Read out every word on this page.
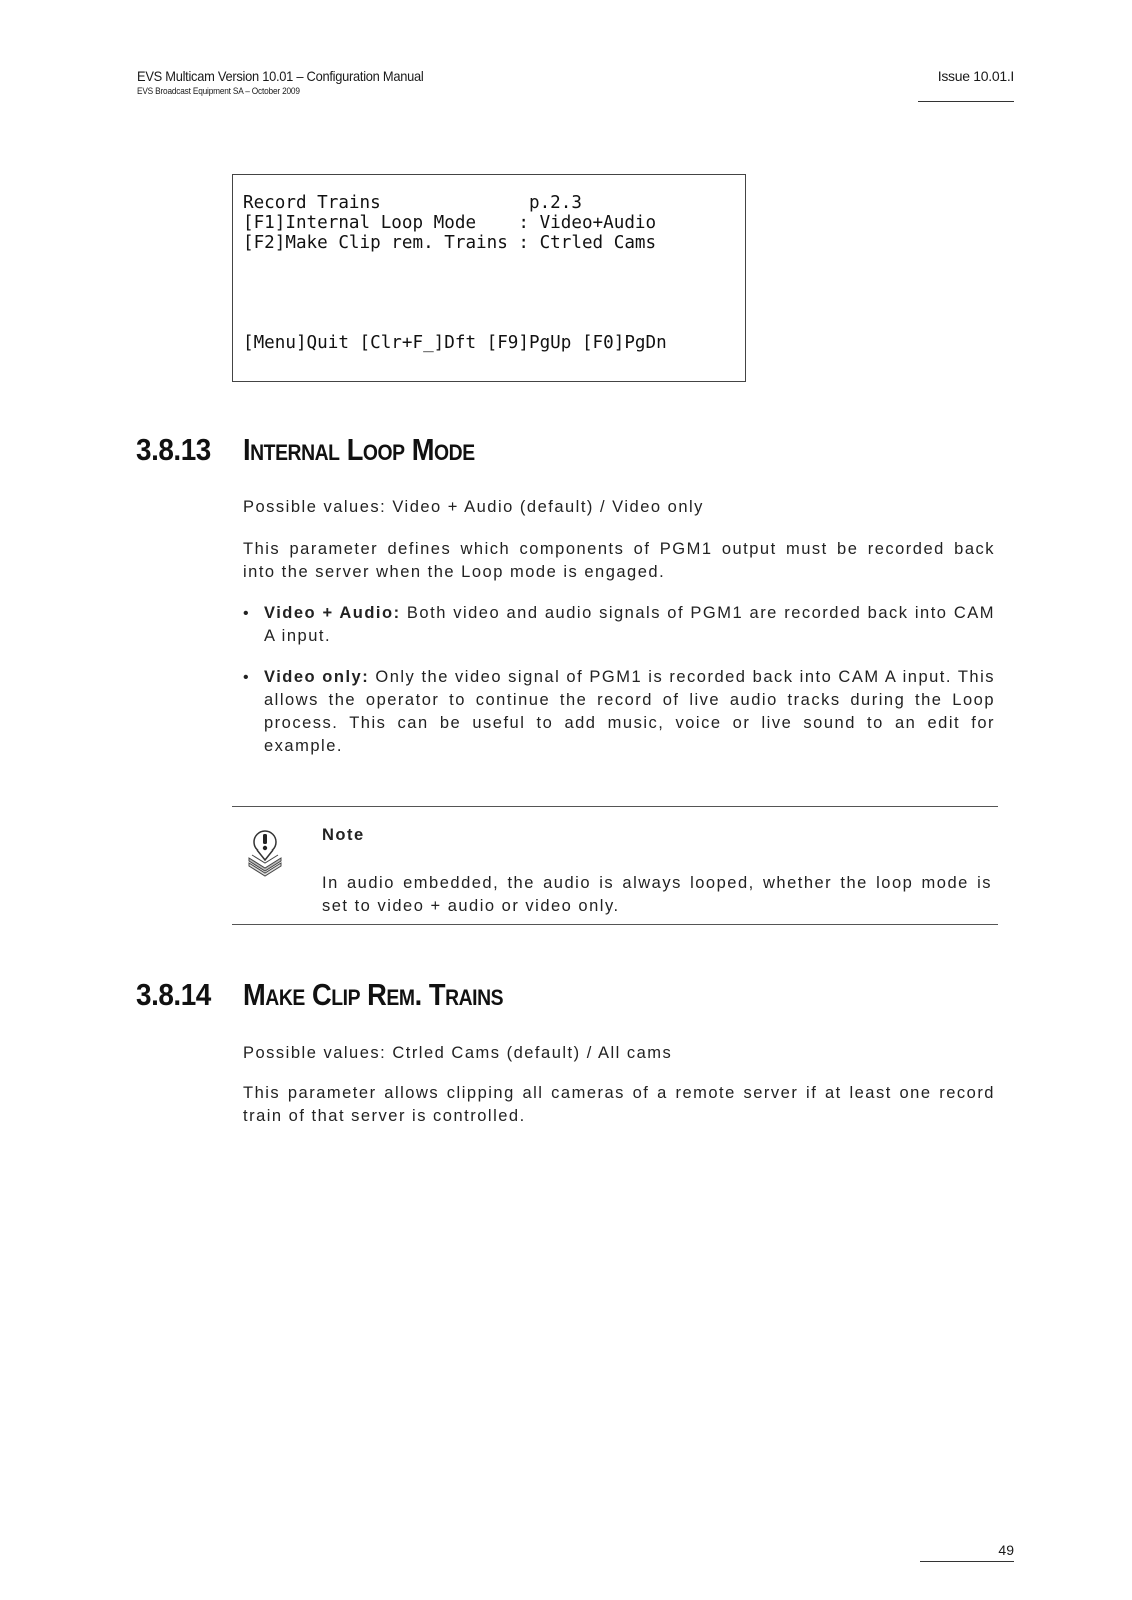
EVS Multicam Version 10.01 – Configuration Manual
EVS Broadcast Equipment SA – October 2009
Issue 10.01.I
Record Trains              p.2.3
[F1]Internal Loop Mode    : Video+Audio
[F2]Make Clip rem. Trains : Ctrled Cams
[Menu]Quit [Clr+F_]Dft [F9]PgUp [F0]PgDn
3.8.13	Internal Loop Mode
Possible values: Video + Audio (default) / Video only
This parameter defines which components of PGM1 output must be recorded back into the server when the Loop mode is engaged.
• Video + Audio: Both video and audio signals of PGM1 are recorded back into CAM A input.
• Video only: Only the video signal of PGM1 is recorded back into CAM A input. This allows the operator to continue the record of live audio tracks during the Loop process. This can be useful to add music, voice or live sound to an edit for example.
Note
In audio embedded, the audio is always looped, whether the loop mode is set to video + audio or video only.
3.8.14	Make Clip Rem. Trains
Possible values: Ctrled Cams (default) / All cams
This parameter allows clipping all cameras of a remote server if at least one record train of that server is controlled.
49
